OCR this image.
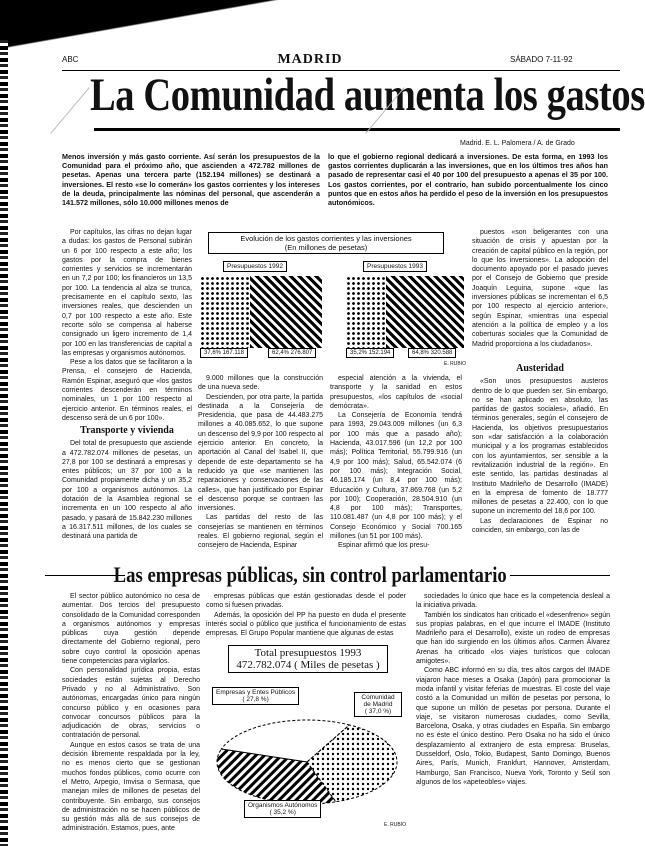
ABC	MADRID	SÁBADO 7-11-92
La Comunidad aumenta los gastos
Madrid. E. L. Palomera / A. de Grado
Menos inversión y más gasto corriente. Así serán los presupuestos de la Comunidad para el próximo año, que ascienden a 472.782 millones de pesetas. Apenas una tercera parte (152.194 millones) se destinará a inversiones. El resto «se lo comerán» los gastos corrientes y los intereses de la deuda, principalmente las nóminas del personal, que ascenderán a 141.572 millones, sólo 10.000 millones menos de
lo que el gobierno regional dedicará a inversiones. De esta forma, en 1993 los gastos corrientes duplicarán a las inversiones, que en los últimos tres años han pasado de representar casi el 40 por 100 del presupuesto a apenas el 35 por 100. Los gastos corrientes, por el contrario, han subido porcentualmente los cinco puntos que en estos años ha perdido el peso de la inversión en los presupuestos autonómicos.

Por capítulos, las cifras no dejan lugar a dudas: los gastos de Personal subirán un 6 por 100 respecto a este año; los gastos por la compra de bienes corrientes y servicios se incrementarán en un 7,2 por 100; los financieros un 13,5 por 100. La tendencia al alza se trunca, precisamente en el capítulo sexto, las inversiones reales, que descienden un 0,7 por 100 respecto a este año. Este recorte sólo se compensa al haberse consignado un ligero incremento de 1,4 por 100 en las transferencias de capital a las empresas y organismos autónomos.

Pese a los datos que se facilitaron a la Prensa, el consejero de Hacienda, Ramón Espinar, aseguró que «los gastos corrientes descenderán en términos nominales, un 1 por 100 respecto al ejercicio anterior. En términos reales, el descenso será de un 6 por 100».

Transporte y vivienda

Del total de presupuesto que asciende a 472.782.074 millones de pesetas, un 27,8 por 100 se destinará a empresas y entes públicos; un 37 por 100 a la Comunidad propiamente dicha y un 35,2 por 100 a organismos autónomos. La dotación de la Asamblea regional se incrementa en un 100 respecto al año pasado, y pasará de 15.842.230 millones a 16.317.511 millones, de los cuales se destinará una partida de

Evolución de los gastos corrientes y las inversiones
(En millones de pesetas)
Presupuestos 1992	Presupuestos 1993
37,6% 167.118	62,4% 276.807	35,2% 152.194	64,8% 320.588
E. RUBIO

9.000 millones que la construcción de una nueva sede.

Descienden, por otra parte, la partida destinada a la Consejería de Presidencia, que pasa de 44.483.275 millones a 40.085.652, lo que supone un descenso del 9,9 por 100 respecto al ejercicio anterior. En concreto, la aportación al Canal del Isabel II, que depende de este departamento se ha reducido ya que «se mantienen las reparaciones y conservaciones de las calles», que han justificado por Espinar el descenso porque se contraen las inversiones.

Las partidas del resto de las consejerías se mantienen en términos reales. El gobierno regional, según el consejero de Hacienda, Espinar

especial atención a la vivienda, el transporte y la sanidad en estos presupuestos, «los capítulos de «social demócrata».

La Consejería de Economía tendrá para 1993, 29.043.009 millones (un 6,3 por 100 más que a pasado año); Hacienda, 43.017.596 (un 12,2 por 100 más); Política Territorial, 55.799.916 (un 4,9 por 100 más); Salud, 65.542.074 (6 por 100 más); Integración Social, 46.185.174 (un 8,4 por 100 más); Educación y Cultura, 37.869.768 (un 5,2 por 100); Cooperación, 28.504.910 (un 4,8 por 100 más); Transportes, 110.081.487 (un 4,8 por 100 más); y el Consejo Económico y Social 700.165 millones (un 51 por 100 más).

Espinar afirmó que los presu-

puestos «son beligerantes con una situación de crisis y apuestan por la creación de capital público en la región, por lo que los inversiones». La adopción del documento apoyado por el pasado jueves por el Consejo de Gobierno que preside Joaquín Leguina, supone «que las inversiones públicas se incrementan el 6,5 por 100 respecto al ejercicio anterior», según Espinar, «mientras una especial atención a la política de empleo y a los coberturas sociales que la Comunidad de Madrid proporciona a los ciudadanos».

Austeridad

«Son unos presupuestos austeros dentro de lo que pueden ser. Sin embargo, no se han aplicado en absoluto, las partidas de gastos sociales», añadió. En términos generales, según el consejero de Hacienda, los objetivos presupuestarios son «dar satisfacción a la colaboración municipal y a los programas establecidos con los ayuntamientos, ser sensible a la revitalización industrial de la región». En este sentido, las partidas destinadas al Instituto Madrileño de Desarrollo (IMADE) en la empresa de fomento de 18.777 millones de pesetas a 22.400, con lo que supone un incremento del 18,6 por 100.

Las declaraciones de Espinar no coinciden, sin embargo, con las de

Las empresas públicas, sin control parlamentario

El sector público autonómico no cesa de aumentar. Dos tercios del presupuesto consolidado de la Comunidad corresponden a organismos autónomos y empresas públicas cuya gestión depende directamente del Gobierno regional, pero sobre cuyo control la oposición apenas tiene competencias para vigilarlos.

Con personalidad jurídica propia, estas sociedades están sujetas al Derecho Privado y no al Administrativo. Son autónomas, encargadas único para ningún concurso público y en ocasiones para convocar concursos públicos para la adjudicación de obras, servicios o contratación de personal.

Aunque en estos casos se trata de una decisión libremente respaldada por la ley, no es menos cierto que se gestionan muchos fondos públicos, como ocurre con el Metro, Arpegio, Imvisa o Sermasa, que manejan miles de millones de pesetas del contribuyente. Sin embargo, sus consejos de administración no se hacen públicos de su gestión más allá de sus consejos de administración. Estamos, pues, ante

empresas públicas que están gestionadas desde el poder como si fuesen privadas.

Además, la oposición del PP ha puesto en duda el presente interés social o público que justifica el funcionamiento de estas empresas. El Grupo Popular mantiene que algunas de estas

sociedades lo único que hace es la competencia desleal a la iniciativa privada.

También los sindicatos han criticado el «desenfreno» según sus propias palabras, en el que incurre el IMADE (Instituto Madrileño para el Desarrollo), existe un rodeo de empresas que han ido surgiendo en los últimos años. Carmen Álvarez Arenas ha criticado «los viajes turísticos que colocan amigotes».

Como ABC informó en su día, tres altos cargos del IMADE viajaron hace meses a Osaka (Japón) para promocionar la moda infantil y visitar feferias de muestras. El coste del viaje costó a la Comunidad un millón de pesetas por persona, lo que supone un millón de pesetas por persona. Durante el viaje, se visitaron numerosas ciudades, como Sevilla, Barcelona, Osaka, y otras ciudades en España. Sin embargo no es éste el único destino. Pero Osaka no ha sido el único desplazamiento al extranjero de esta empresa: Bruselas, Dusseldorf, Oslo, Tokio, Budapest, Santo Domingo, Buenos Aires, París, Munich, Frankfurt, Hannover, Amsterdam, Hamburgo, San Francisco, Nueva York, Toronto y Seúl son algunos de los «apeteobles» viajes.

Total presupuestos 1993
472.782.074 ( Miles de pesetas )
Empresas y Entes Públicos
( 27,8 %)	Comunidad de Madrid
( 37,0 %)
Organismos Autónomos
( 35,2 %)
E. RUBIO
